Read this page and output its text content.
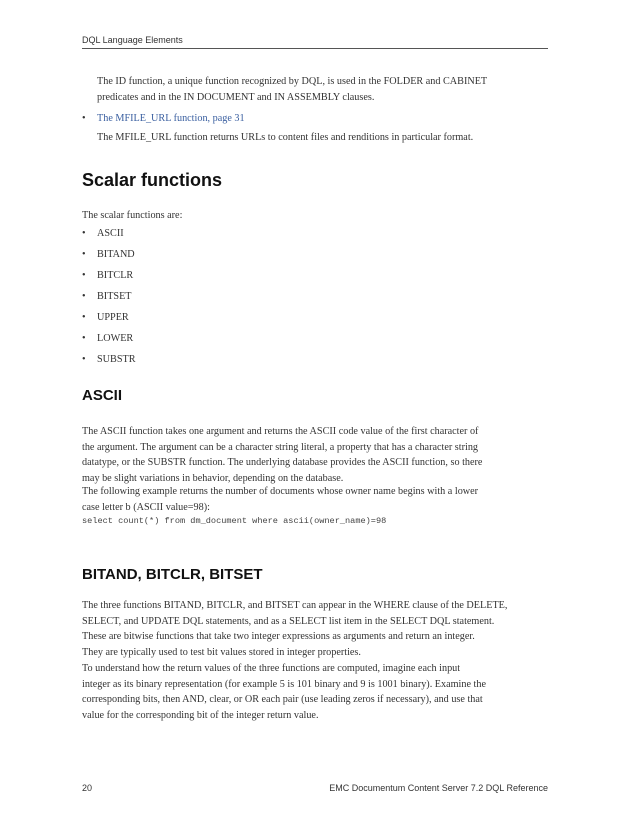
DQL Language Elements

The ID function, a unique function recognized by DQL, is used in the FOLDER and CABINET

predicates and in the IN DOCUMENT and IN ASSEMBLY clauses.

• The MFILE_URL function, page 31
The MFILE_URL function returns URLs to content files and renditions in particular format.
Scalar functions
The scalar functions are:
• ASCII
• BITAND
• BITCLR
• BITSET
• UPPER
• LOWER
• SUBSTR
ASCII

The ASCII function takes one argument and returns the ASCII code value of the first character of

the argument. The argument can be a character string literal, a property that has a character string

datatype, or the SUBSTR function. The underlying database provides the ASCII function, so there

may be slight variations in behavior, depending on the database.

The following example returns the number of documents whose owner name begins with a lower

case letter b (ASCII value=98):

select count(*) from dm_document where ascii(owner_name)=98
BITAND, BITCLR, BITSET

The three functions BITAND, BITCLR, and BITSET can appear in the WHERE clause of the DELETE,

SELECT, and UPDATE DQL statements, and as a SELECT list item in the SELECT DQL statement.

These are bitwise functions that take two integer expressions as arguments and return an integer.

They are typically used to test bit values stored in integer properties.

To understand how the return values of the three functions are computed, imagine each input

integer as its binary representation (for example 5 is 101 binary and 9 is 1001 binary). Examine the

corresponding bits, then AND, clear, or OR each pair (use leading zeros if necessary), and use that

value for the corresponding bit of the integer return value.

20	EMC Documentum Content Server 7.2 DQL Reference
